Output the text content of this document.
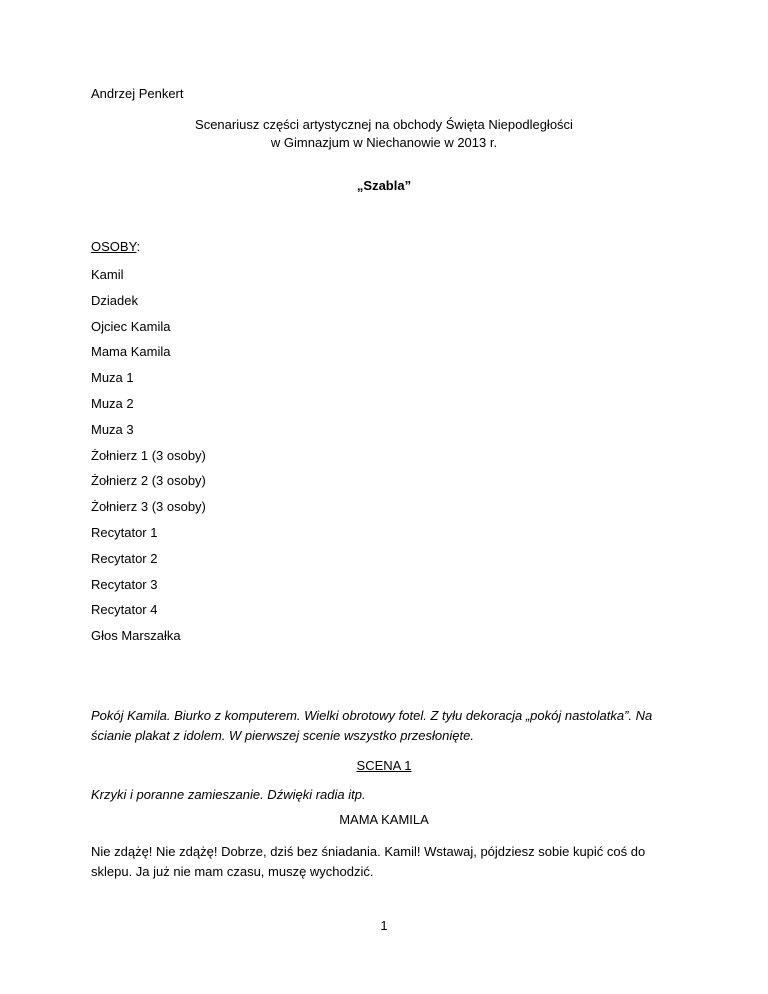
Andrzej Penkert
Scenariusz części artystycznej na obchody Święta Niepodległości
w Gimnazjum w Niechanowie w 2013 r.
„Szabla”
OSOBY:
Kamil
Dziadek
Ojciec Kamila
Mama Kamila
Muza 1
Muza 2
Muza 3
Żołnierz 1 (3 osoby)
Żołnierz 2 (3 osoby)
Żołnierz 3 (3 osoby)
Recytator 1
Recytator 2
Recytator 3
Recytator 4
Głos Marszałka
Pokój Kamila. Biurko z komputerem. Wielki obrotowy fotel. Z tyłu dekoracja „pokój nastolatka”. Na ścianie plakat z idolem. W pierwszej scenie wszystko przesłonięte.
SCENA 1
Krzyki i poranne zamieszanie. Dźwięki radia itp.
MAMA KAMILA
Nie zdążę! Nie zdążę! Dobrze, dziś bez śniadania. Kamil! Wstawaj, pójdziesz sobie kupić coś do sklepu. Ja już nie mam czasu, muszę wychodzić.
1
